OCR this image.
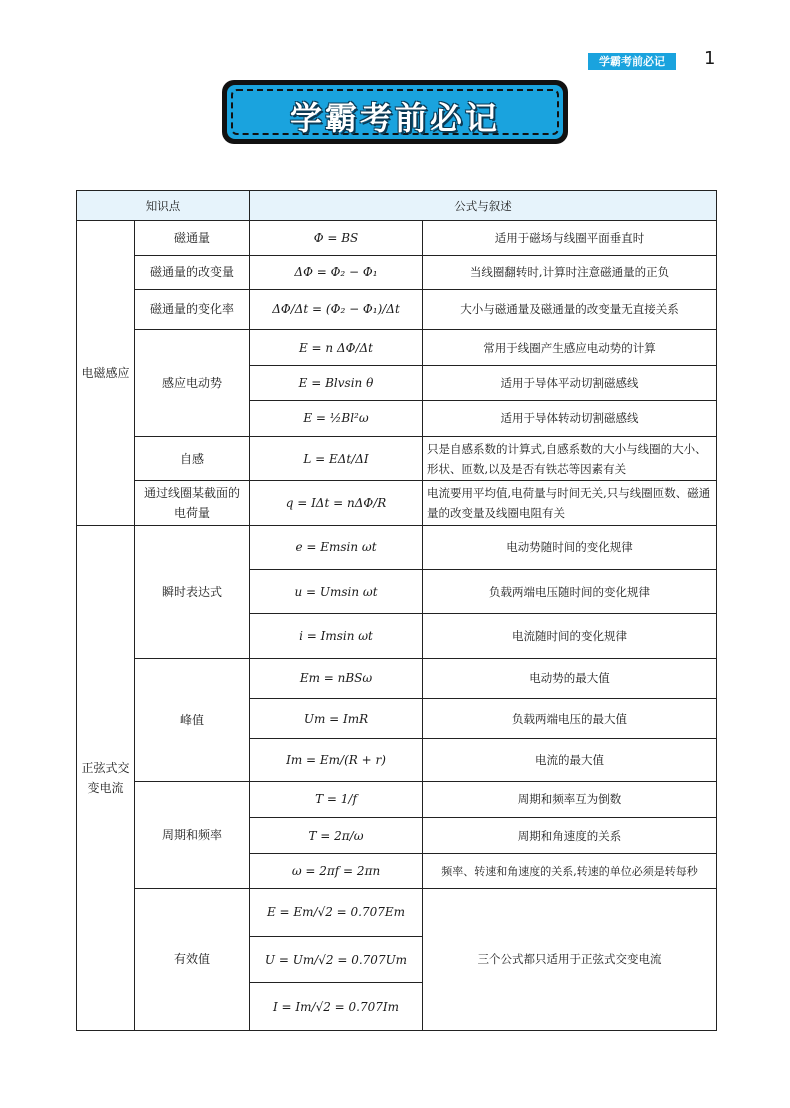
学霸考前必记	1
学霸考前必记
知识点		公式与叙述	
电磁感应	磁通量	Φ = BS	适用于磁场与线圈平面垂直时
	磁通量的改变量	ΔΦ = Φ₂ − Φ₁	当线圈翻转时,计算时注意磁通量的正负
	磁通量的变化率	ΔΦ/Δt = (Φ₂ − Φ₁)/Δt	大小与磁通量及磁通量的改变量无直接关系
	感应电动势	E = n ΔΦ/Δt	常用于线圈产生感应电动势的计算
		E = Blvsin θ	适用于导体平动切割磁感线
		E = ½Bl²ω	适用于导体转动切割磁感线
	自感	L = EΔt/ΔI	只是自感系数的计算式,自感系数的大小与线圈的大小、形状、匝数,以及是否有铁芯等因素有关
	通过线圈某截面的电荷量	q = IΔt = nΔΦ/R	电流要用平均值,电荷量与时间无关,只与线圈匝数、磁通量的改变量及线圈电阻有关
正弦式交变电流	瞬时表达式	e = Emsin ωt	电动势随时间的变化规律
		u = Umsin ωt	负载两端电压随时间的变化规律
		i = Imsin ωt	电流随时间的变化规律
	峰值	Em = nBSω	电动势的最大值
		Um = ImR	负载两端电压的最大值
		Im = Em/(R + r)	电流的最大值
	周期和频率	T = 1/f	周期和频率互为倒数
		T = 2π/ω	周期和角速度的关系
		ω = 2πf = 2πn	频率、转速和角速度的关系,转速的单位必须是转每秒
	有效值	E = Em/√2 = 0.707Em	三个公式都只适用于正弦式交变电流
		U = Um/√2 = 0.707Um	
		I = Im/√2 = 0.707Im	
